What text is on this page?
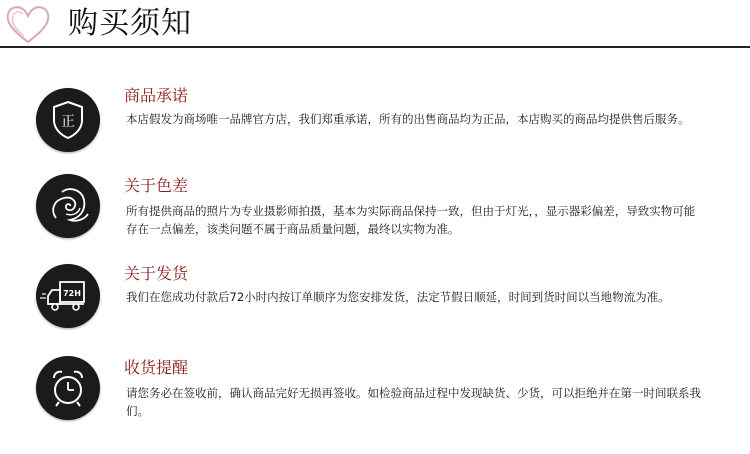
购买须知
正
商品承诺
本店假发为商场唯一品牌官方店，我们郑重承诺，所有的出售商品均为正品，本店购买的商品均提供售后服务。
关于色差
所有提供商品的照片为专业摄影师拍摄，基本为实际商品保持一致，但由于灯光，，显示器彩偏差，导致实物可能存在一点偏差，该类问题不属于商品质量问题，最终以实物为准。
72H
关于发货
我们在您成功付款后72小时内按订单顺序为您安排发货，法定节假日顺延，时间到货时间以当地物流为准。
收货提醒
请您务必在签收前，确认商品完好无损再签收。如检验商品过程中发现缺货、少货，可以拒绝并在第一时间联系我们。
